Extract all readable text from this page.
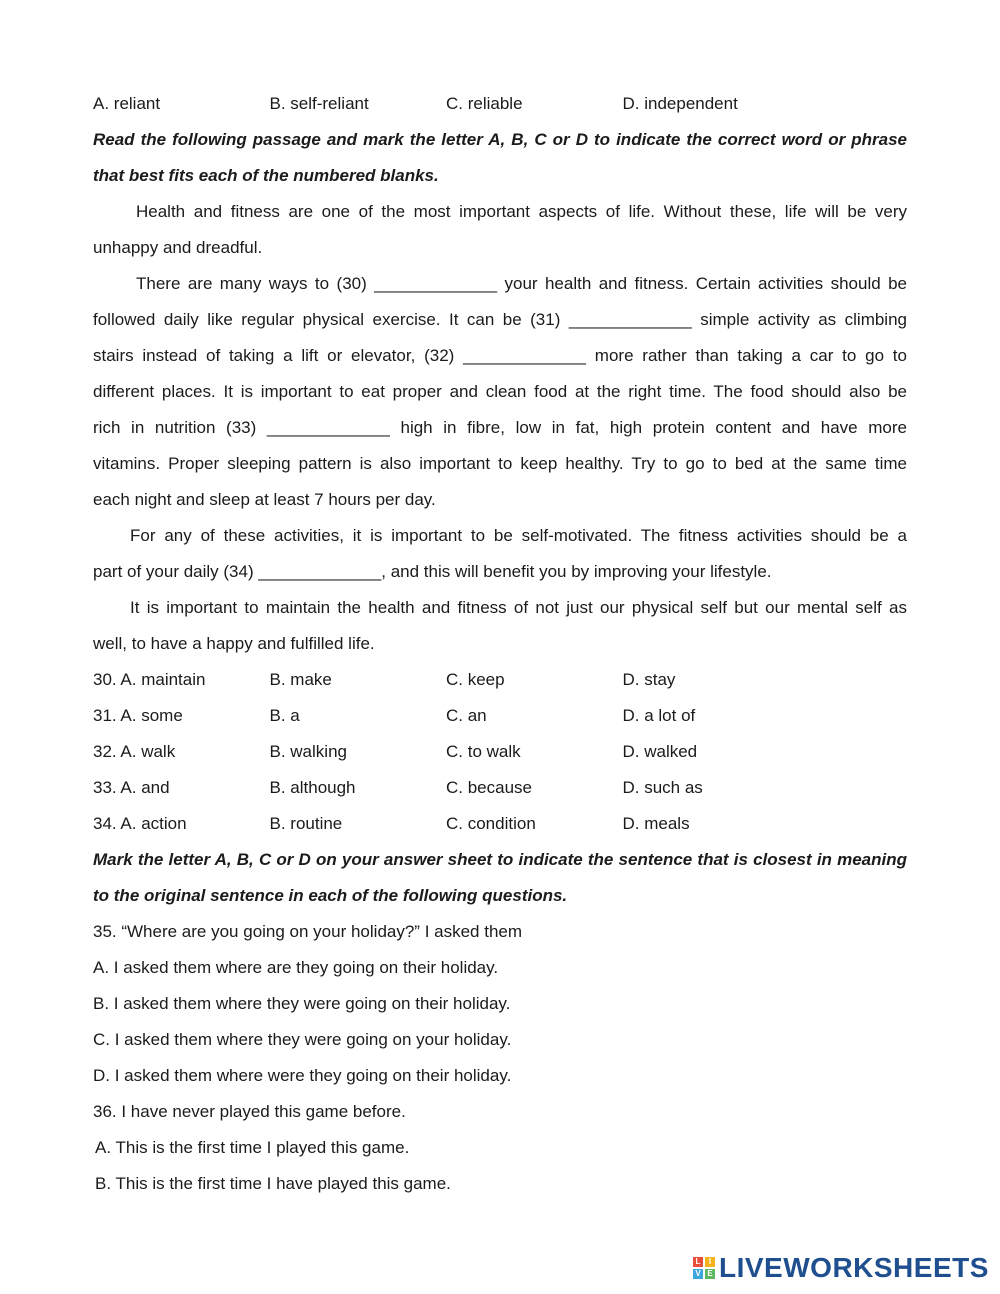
A. reliant	B. self-reliant	C. reliable	D. independent
Read the following passage and mark the letter A, B, C or D to indicate the correct word or phrase
that best fits each of the numbered blanks.
Health and fitness are one of the most important aspects of life. Without these, life will be very
unhappy and dreadful.
There are many ways to (30) _____________ your health and fitness. Certain activities should be
followed daily like regular physical exercise. It can be (31) _____________ simple activity as climbing
stairs instead of taking a lift or elevator, (32) _____________ more rather than taking a car to go to
different places. It is important to eat proper and clean food at the right time. The food should also be
rich in nutrition (33) _____________ high in fibre, low in fat, high protein content and have more
vitamins. Proper sleeping pattern is also important to keep healthy. Try to go to bed at the same time
each night and sleep at least 7 hours per day.
For any of these activities, it is important to be self-motivated. The fitness activities should be a
part of your daily (34) _____________, and this will benefit you by improving your lifestyle.
It is important to maintain the health and fitness of not just our physical self but our mental self as
well, to have a happy and fulfilled life.
30. A. maintain	B. make	C. keep	D. stay
31. A. some	B. a	C. an	D. a lot of
32. A. walk	B. walking	C. to walk	D. walked
33. A. and	B. although	C. because	D. such as
34. A. action	B. routine	C. condition	D. meals
Mark the letter A, B, C or D on your answer sheet to indicate the sentence that is closest in meaning
to the original sentence in each of the following questions.
35. “Where are you going on your holiday?” I asked them
A. I asked them where are they going on their holiday.
B. I asked them where they were going on their holiday.
C. I asked them where they were going on your holiday.
D. I asked them where were they going on their holiday.
36. I have never played this game before.
A. This is the first time I played this game.
B. This is the first time I have played this game.
L	I
V E LIVEWORKSHEETS
